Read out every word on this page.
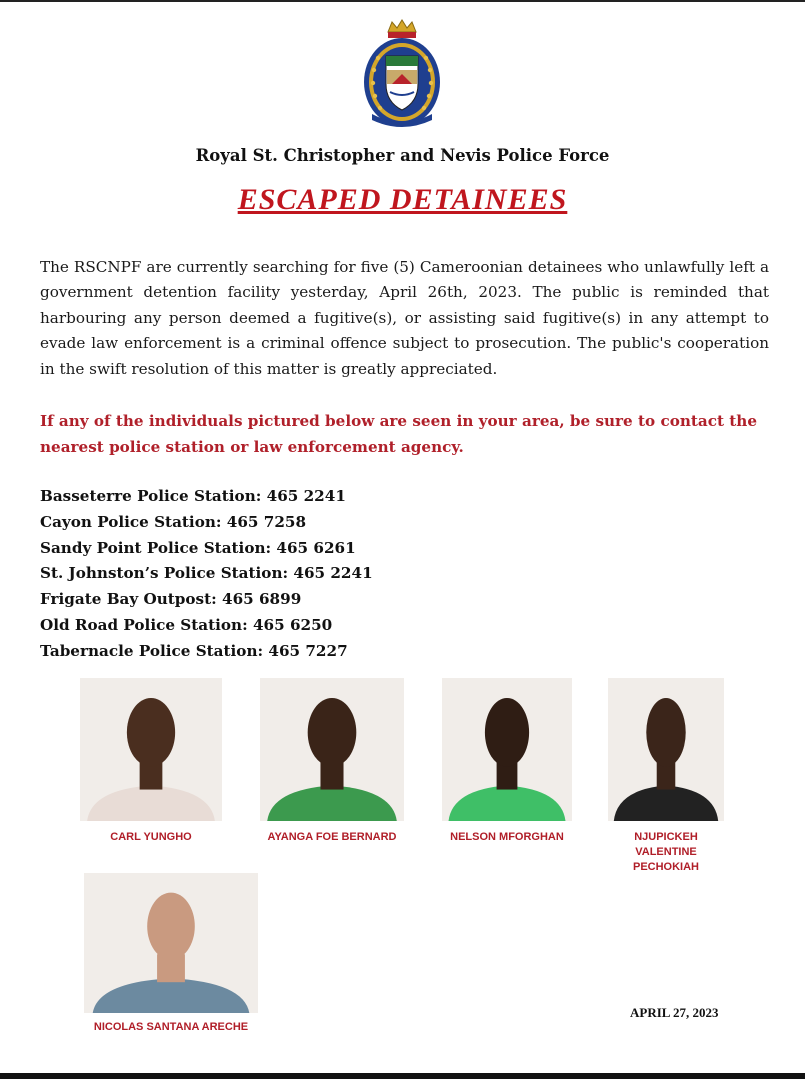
Royal St. Christopher and Nevis Police Force
ESCAPED DETAINEES

The RSCNPF are currently searching for five (5) Cameroonian detainees who unlawfully left a government detention facility yesterday, April 26th, 2023. The public is reminded that harbouring any person deemed a fugitive(s), or assisting said fugitive(s) in any attempt to evade law enforcement is a criminal offence subject to prosecution. The public's cooperation in the swift resolution of this matter is greatly appreciated.

If any of the individuals pictured below are seen in your area, be sure to contact the nearest police station or law enforcement agency.

Basseterre Police Station: 465 2241
Cayon Police Station: 465 7258
Sandy Point Police Station: 465 6261
St. Johnston’s Police Station: 465 2241
Frigate Bay Outpost: 465 6899
Old Road Police Station: 465 6250
Tabernacle Police Station: 465 7227
CARL YUNGHO	AYANGA FOE BERNARD	NELSON MFORGHAN	NJUPICKEH VALENTINE PECHOKIAH
NICOLAS SANTANA ARECHE
APRIL 27, 2023
